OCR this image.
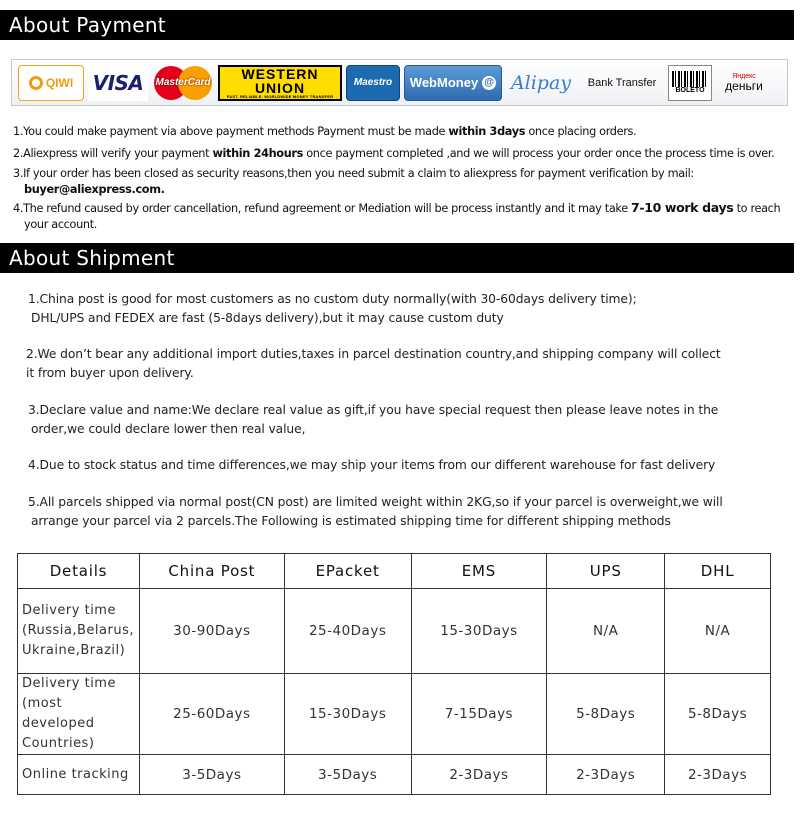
About Payment
QIWI VISA	MasterCard
WESTERN
UNION
FAST. RELIABLE. WORLDWIDE MONEY TRANSFER
Maestro	WebMoney @ Alipay	Bank Transfer
BOLETO
Яндекс
деньги
1.You could make payment via above payment methods Payment must be made within 3days once placing orders.
2.Aliexpress will verify your payment within 24hours once payment completed ,and we will process your order once the process time is over.
3.If your order has been closed as security reasons,then you need submit a claim to aliexpress for payment verification by mail:
buyer@aliexpress.com.
4.The refund caused by order cancellation, refund agreement or Mediation will be process instantly and it may take 7-10 work days to reach
your account.
About Shipment
1.China post is good for most customers as no custom duty normally(with 30-60days delivery time);
DHL/UPS and FEDEX are fast (5-8days delivery),but it may cause custom duty
2.We don’t bear any additional import duties,taxes in parcel destination country,and shipping company will collect
it from buyer upon delivery.
3.Declare value and name:We declare real value as gift,if you have special request then please leave notes in the
order,we could declare lower then real value,
4.Due to stock status and time differences,we may ship your items from our different warehouse for fast delivery
5.All parcels shipped via normal post(CN post) are limited weight within 2KG,so if your parcel is overweight,we will
arrange your parcel via 2 parcels.The Following is estimated shipping time for different shipping methods
Details	China Post	EPacket	EMS	UPS	DHL
Delivery time
(Russia,Belarus,
Ukraine,Brazil)	30-90Days	25-40Days	15-30Days	N/A	N/A
Delivery time
(most developed
Countries)	25-60Days	15-30Days	7-15Days	5-8Days	5-8Days
Online tracking	3-5Days	3-5Days	2-3Days	2-3Days	2-3Days
